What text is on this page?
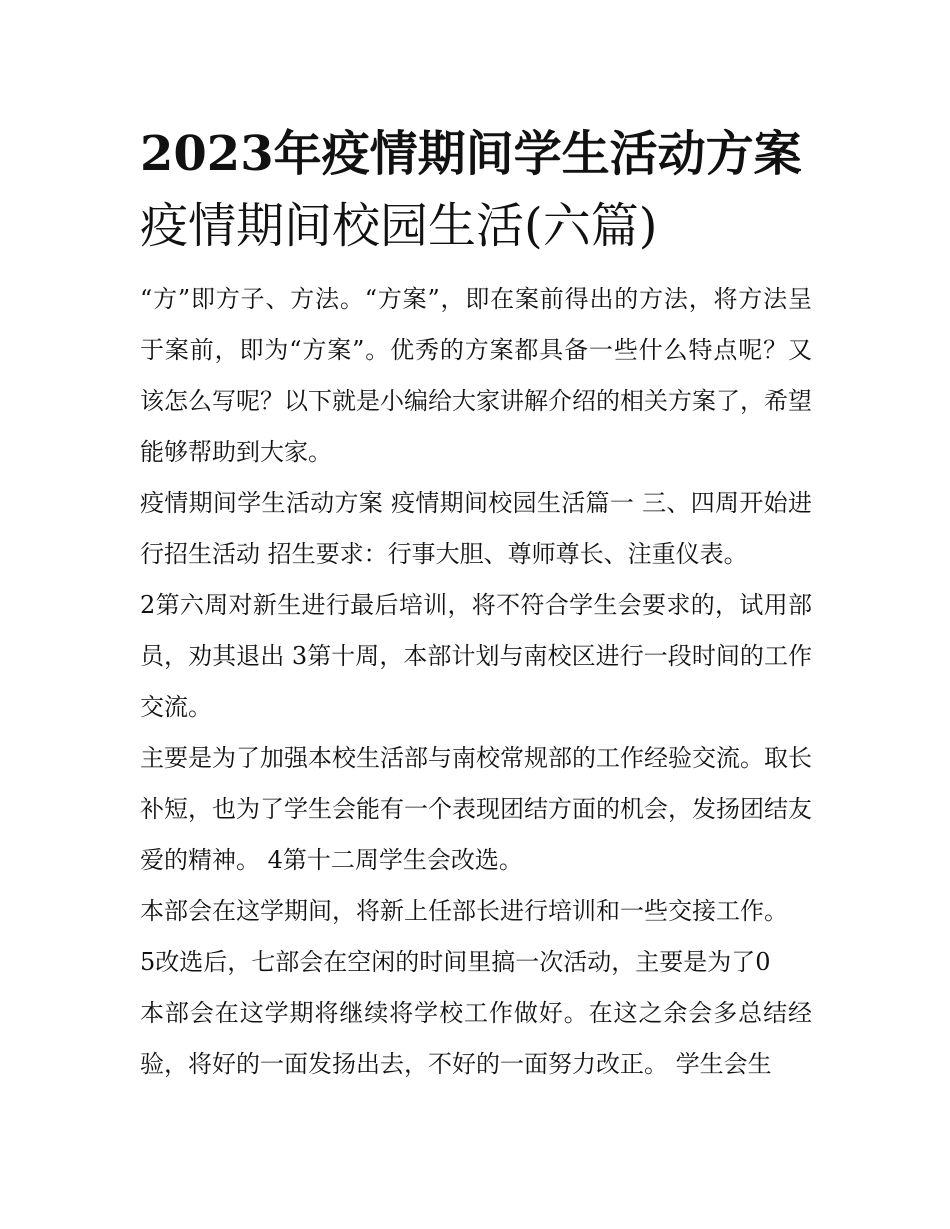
2023年疫情期间学生活动方案
疫情期间校园生活(六篇)

“方”即方子、方法。“方案”，即在案前得出的方法，将方法呈于案前，即为“方案”。优秀的方案都具备一些什么特点呢？又该怎么写呢？以下就是小编给大家讲解介绍的相关方案了，希望能够帮助到大家。

疫情期间学生活动方案 疫情期间校园生活篇一 三、四周开始进行招生活动 招生要求：行事大胆、尊师尊长、注重仪表。

2第六周对新生进行最后培训，将不符合学生会要求的，试用部员，劝其退出 3第十周，本部计划与南校区进行一段时间的工作交流。

主要是为了加强本校生活部与南校常规部的工作经验交流。取长补短，也为了学生会能有一个表现团结方面的机会，发扬团结友爱的精神。 4第十二周学生会改选。

本部会在这学期间，将新上任部长进行培训和一些交接工作。

5改选后，七部会在空闲的时间里搞一次活动，主要是为了0

本部会在这学期将继续将学校工作做好。在这之余会多总结经验，将好的一面发扬出去，不好的一面努力改正。 学生会生
